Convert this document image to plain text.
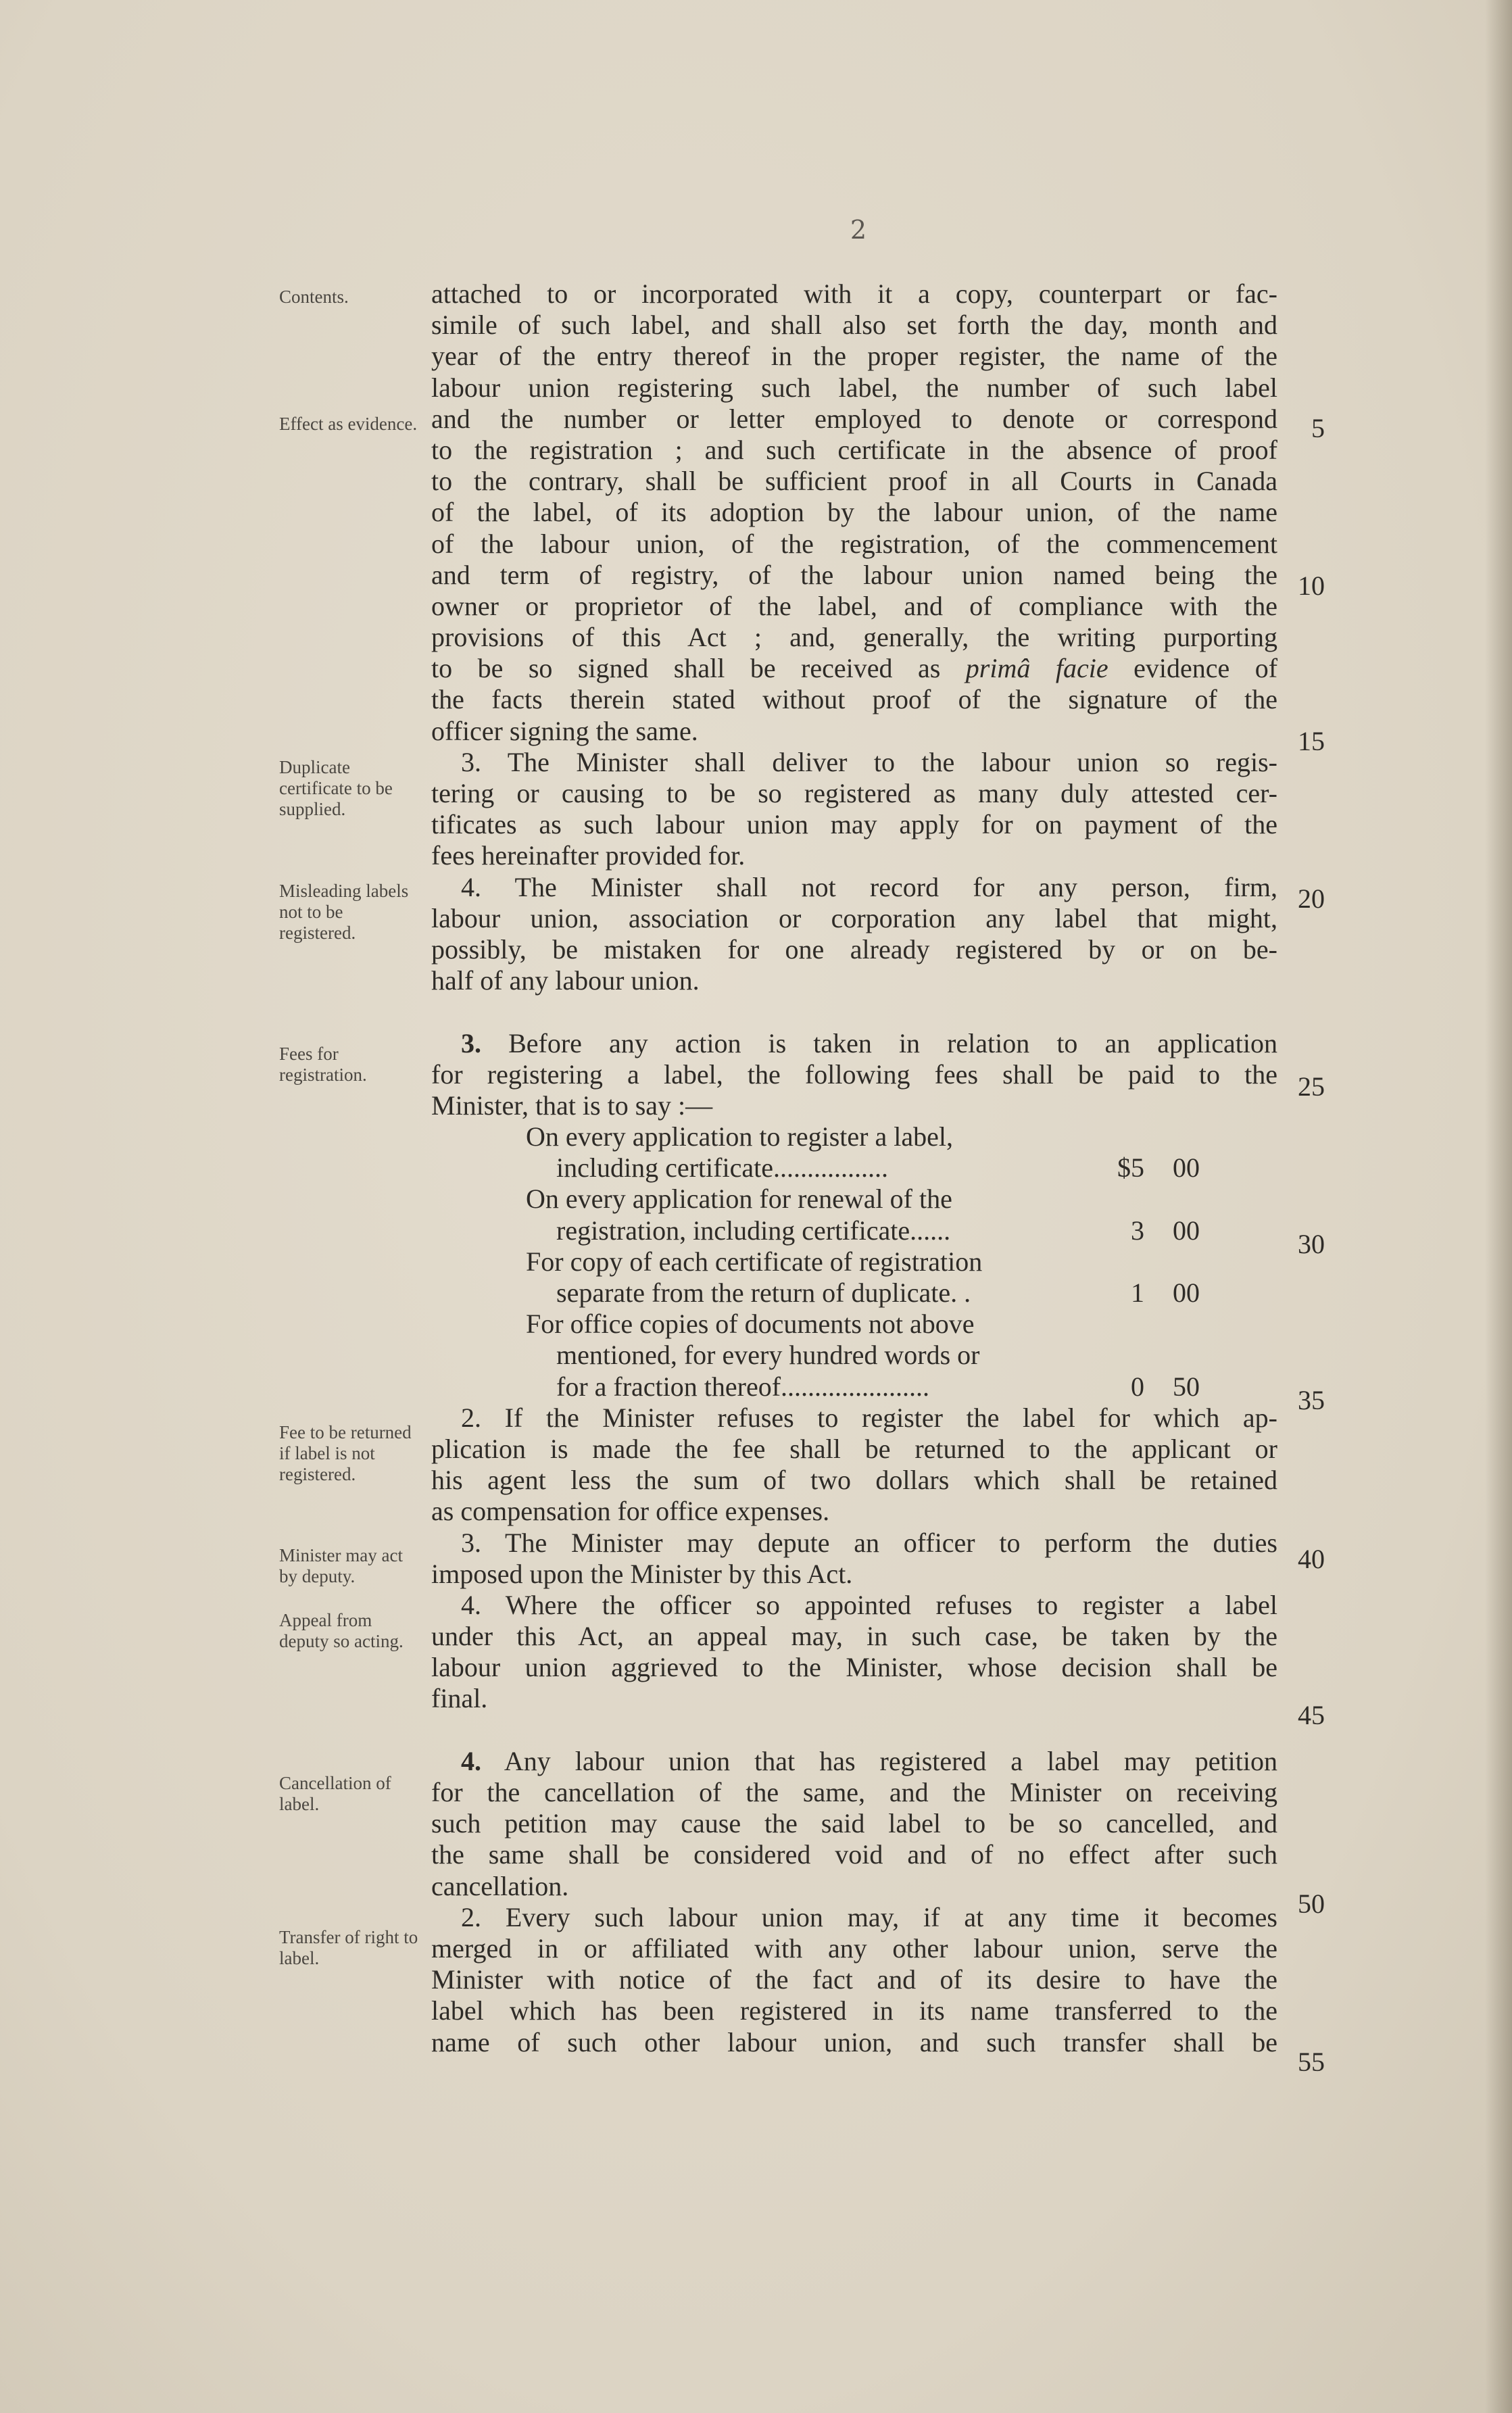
2
Contents.
Effect as evidence.
Duplicate certificate to be supplied.
Misleading labels not to be registered.
Fees for registration.
Fee to be returned if label is not registered.
Minister may act by deputy.
Appeal from deputy so acting.
Cancellation of label.
Transfer of right to label.
5
10
15
20
25
30
35
40
45
50
55
attached to or incorporated with it a copy, counterpart or fac-
simile of such label, and shall also set forth the day, month and
year of the entry thereof in the proper register, the name of the
labour union registering such label, the number of such label
and the number or letter employed to denote or correspond
to the registration ; and such certificate in the absence of proof
to the contrary, shall be sufficient proof in all Courts in Canada
of the label, of its adoption by the labour union, of the name
of the labour union, of the registration, of the commencement
and term of registry, of the labour union named being the
owner or proprietor of the label, and of compliance with the
provisions of this Act ; and, generally, the writing purporting
to be so signed shall be received as primâ facie evidence of
the facts therein stated without proof of the signature of the
officer signing the same.
3. The Minister shall deliver to the labour union so regis-
tering or causing to be so registered as many duly attested cer-
tificates as such labour union may apply for on payment of the
fees hereinafter provided for.
4. The Minister shall not record for any person, firm,
labour union, association or corporation any label that might,
possibly, be mistaken for one already registered by or on be-
half of any labour union.
3. Before any action is taken in relation to an application
for registering a label, the following fees shall be paid to the
Minister, that is to say :—
On every application to register a label,
including certificate.................	$5 00
On every application for renewal of the
registration, including certificate......	3 00
For copy of each certificate of registration
separate from the return of duplicate. .	1 00
For office copies of documents not above
mentioned, for every hundred words or
for a fraction thereof......................	0 50
2. If the Minister refuses to register the label for which ap-
plication is made the fee shall be returned to the applicant or
his agent less the sum of two dollars which shall be retained
as compensation for office expenses.
3. The Minister may depute an officer to perform the duties
imposed upon the Minister by this Act.
4. Where the officer so appointed refuses to register a label
under this Act, an appeal may, in such case, be taken by the
labour union aggrieved to the Minister, whose decision shall be
final.
4. Any labour union that has registered a label may petition
for the cancellation of the same, and the Minister on receiving
such petition may cause the said label to be so cancelled, and
the same shall be considered void and of no effect after such
cancellation.
2. Every such labour union may, if at any time it becomes
merged in or affiliated with any other labour union, serve the
Minister with notice of the fact and of its desire to have the
label which has been registered in its name transferred to the
name of such other labour union, and such transfer shall be
